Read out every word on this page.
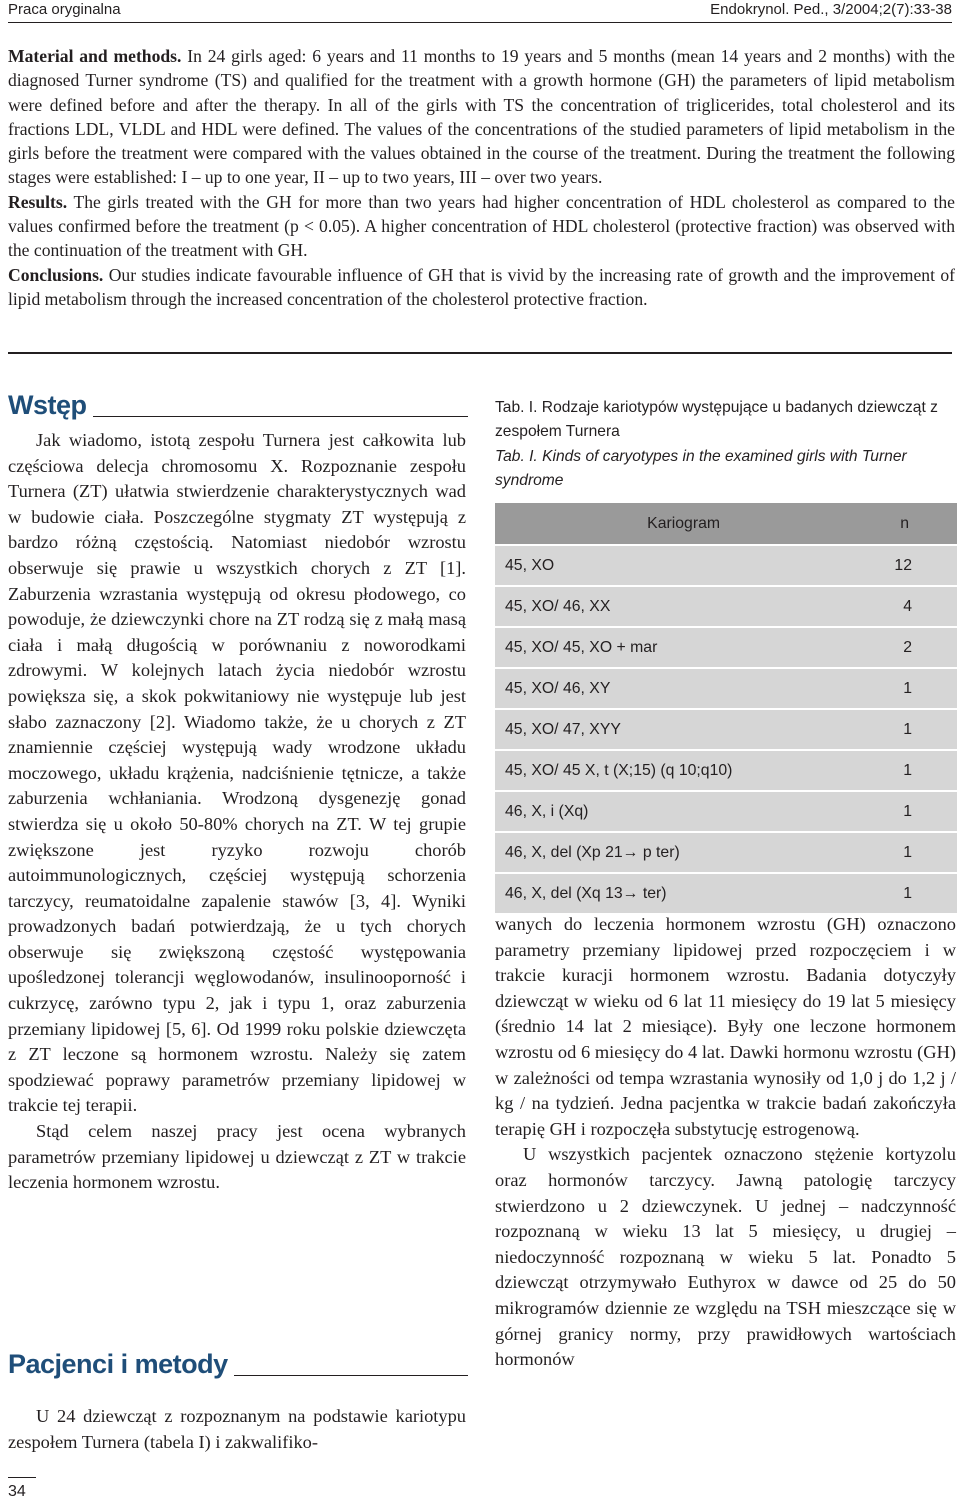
Praca oryginalna	Endokrynol. Ped., 3/2004;2(7):33-38

Material and methods. In 24 girls aged: 6 years and 11 months to 19 years and 5 months (mean 14 years and 2 months) with the diagnosed Turner syndrome (TS) and qualified for the treatment with a growth hormone (GH) the parameters of lipid metabolism were defined before and after the therapy. In all of the girls with TS the concentration of triglicerides, total cholesterol and its fractions LDL, VLDL and HDL were defined. The values of the concentrations of the studied parameters of lipid metabolism in the girls before the treatment were compared with the values obtained in the course of the treatment. During the treatment the following stages were established: I – up to one year, II – up to two years, III – over two years.

Results. The girls treated with the GH for more than two years had higher concentration of HDL cholesterol as compared to the values confirmed before the treatment (p < 0.05). A higher concentration of HDL cholesterol (protective fraction) was observed with the continuation of the treatment with GH.

Conclusions. Our studies indicate favourable influence of GH that is vivid by the increasing rate of growth and the improvement of lipid metabolism through the increased concentration of the cholesterol protective fraction.

Wstęp

Jak wiadomo, istotą zespołu Turnera jest całkowita lub częściowa delecja chromosomu X. Rozpoznanie zespołu Turnera (ZT) ułatwia stwierdzenie charakterystycznych wad w budowie ciała. Poszczególne stygmaty ZT występują z bardzo różną częstością. Natomiast niedobór wzrostu obserwuje się prawie u wszystkich chorych z ZT [1]. Zaburzenia wzrastania występują od okresu płodowego, co powoduje, że dziewczynki chore na ZT rodzą się z małą masą ciała i małą długością w porównaniu z noworodkami zdrowymi. W kolejnych latach życia niedobór wzrostu powiększa się, a skok pokwitaniowy nie występuje lub jest słabo zaznaczony [2]. Wiadomo także, że u chorych z ZT znamiennie częściej występują wady wrodzone układu moczowego, układu krążenia, nadciśnienie tętnicze, a także zaburzenia wchłaniania. Wrodzoną dysgenezję gonad stwierdza się u około 50-80% chorych na ZT. W tej grupie zwiększone jest ryzyko rozwoju chorób autoimmunologicznych, częściej występują schorzenia tarczycy, reumatoidalne zapalenie stawów [3, 4]. Wyniki prowadzonych badań potwierdzają, że u tych chorych obserwuje się zwiększoną częstość występowania upośledzonej tolerancji węglowodanów, insulinooporność i cukrzycę, zarówno typu 2, jak i typu 1, oraz zaburzenia przemiany lipidowej [5, 6]. Od 1999 roku polskie dziewczęta z ZT leczone są hormonem wzrostu. Należy się zatem spodziewać poprawy parametrów przemiany lipidowej w trakcie tej terapii.

Stąd celem naszej pracy jest ocena wybranych parametrów przemiany lipidowej u dziewcząt z ZT w trakcie leczenia hormonem wzrostu.

Pacjenci i metody

U 24 dziewcząt z rozpoznanym na podstawie kariotypu zespołem Turnera (tabela I) i zakwalifiko-

Tab. I. Rodzaje kariotypów występujące u badanych dziewcząt z zespołem Turnera

Tab. I. Kinds of caryotypes in the examined girls with Turner syndrome

Kariogram	n
45, XO	12
45, XO/ 46, XX	4
45, XO/ 45, XO + mar	2
45, XO/ 46, XY	1
45, XO/ 47, XYY	1
45, XO/ 45 X, t (X;15) (q 10;q10)	1
46, X, i (Xq)	1
46, X, del (Xp 21→ p ter)	1
46, X, del (Xq 13→ ter)	1

wanych do leczenia hormonem wzrostu (GH) oznaczono parametry przemiany lipidowej przed rozpoczęciem i w trakcie kuracji hormonem wzrostu. Badania dotyczyły dziewcząt w wieku od 6 lat 11 miesięcy do 19 lat 5 miesięcy (średnio 14 lat 2 miesiące). Były one leczone hormonem wzrostu od 6 miesięcy do 4 lat. Dawki hormonu wzrostu (GH) w zależności od tempa wzrastania wynosiły od 1,0 j do 1,2 j / kg / na tydzień. Jedna pacjentka w trakcie badań zakończyła terapię GH i rozpoczęła substytucję estrogenową.

U wszystkich pacjentek oznaczono stężenie kortyzolu oraz hormonów tarczycy. Jawną patologię tarczycy stwierdzono u 2 dziewczynek. U jednej – nadczynność rozpoznaną w wieku 13 lat 5 miesięcy, u drugiej – niedoczynność rozpoznaną w wieku 5 lat. Ponadto 5 dziewcząt otrzymywało Euthyrox w dawce od 25 do 50 mikrogramów dziennie ze względu na TSH mieszczące się w górnej granicy normy, przy prawidłowych wartościach hormonów

34
